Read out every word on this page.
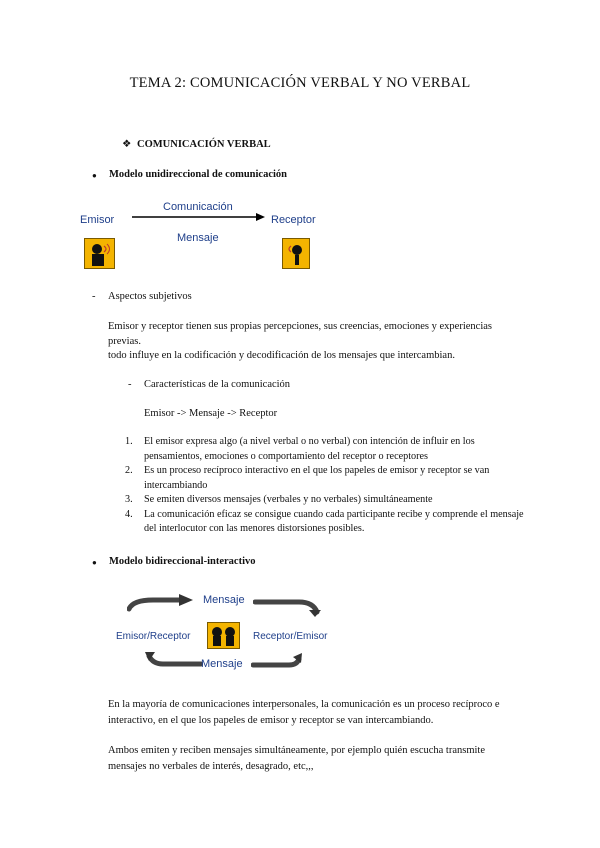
TEMA 2: COMUNICACIÓN VERBAL Y NO VERBAL
❖ COMUNICACIÓN VERBAL
● Modelo unidireccional de comunicación
Emisor
Comunicación
Receptor
Mensaje
- Aspectos subjetivos
Emisor y receptor tienen sus propias percepciones, sus creencias, emociones y experiencias previas.
todo influye en la codificación y decodificación de los mensajes que intercambian.
- Características de la comunicación
Emisor -> Mensaje -> Receptor
1. El emisor expresa algo (a nivel verbal o no verbal) con intención de influir en los pensamientos, emociones o comportamiento del receptor o receptores
2. Es un proceso recíproco interactivo en el que los papeles de emisor y receptor se van intercambiando
3. Se emiten diversos mensajes (verbales y no verbales) simultáneamente
4. La comunicación eficaz se consigue cuando cada participante recibe y comprende el mensaje del interlocutor con las menores distorsiones posibles.
● Modelo bidireccional-interactivo
Mensaje
Emisor/Receptor	Receptor/Emisor
Mensaje
En la mayoría de comunicaciones interpersonales, la comunicación es un proceso recíproco e interactivo, en el que los papeles de emisor y receptor se van intercambiando.
Ambos emiten y reciben mensajes simultáneamente, por ejemplo quién escucha transmite mensajes no verbales de interés, desagrado, etc,,,
